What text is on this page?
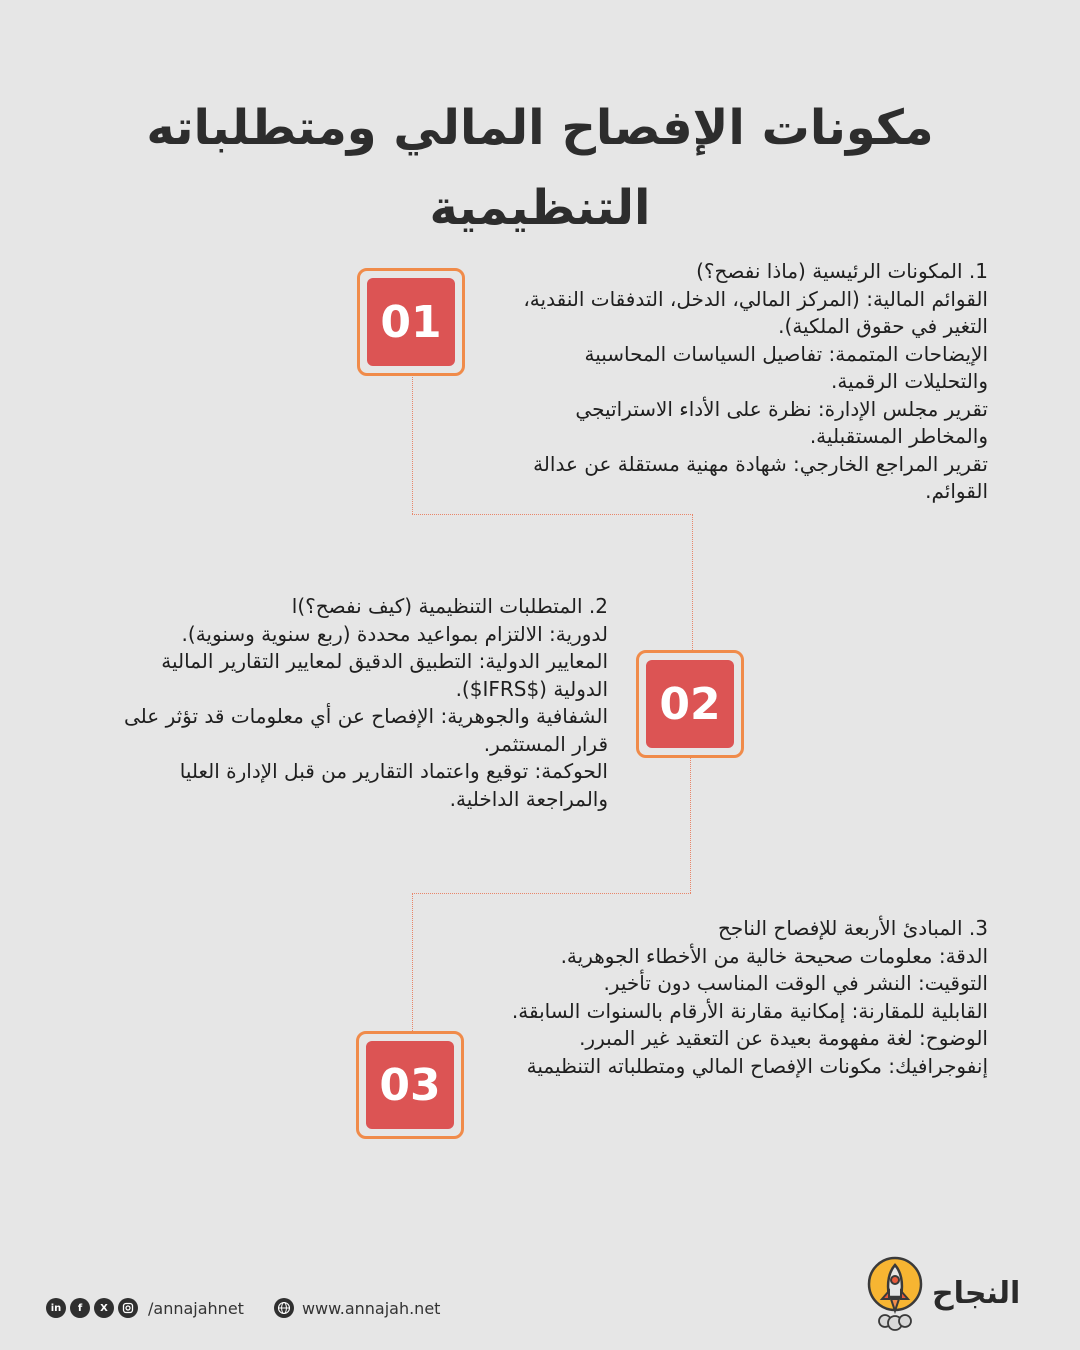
مكونات الإفصاح المالي ومتطلباته التنظيمية
01

1. المكونات الرئيسية (ماذا نفصح؟)

القوائم المالية: (المركز المالي، الدخل، التدفقات النقدية،

التغير في حقوق الملكية).

الإيضاحات المتممة: تفاصيل السياسات المحاسبية

والتحليلات الرقمية.

تقرير مجلس الإدارة: نظرة على الأداء الاستراتيجي

والمخاطر المستقبلية.

تقرير المراجع الخارجي: شهادة مهنية مستقلة عن عدالة

القوائم.

02

2. المتطلبات التنظيمية (كيف نفصح؟)ا

لدورية: الالتزام بمواعيد محددة (ربع سنوية وسنوية).

المعايير الدولية: التطبيق الدقيق لمعايير التقارير المالية

الدولية ($IFRS$).

الشفافية والجوهرية: الإفصاح عن أي معلومات قد تؤثر على

قرار المستثمر.

الحوكمة: توقيع واعتماد التقارير من قبل الإدارة العليا

والمراجعة الداخلية.

03

3. المبادئ الأربعة للإفصاح الناجح

الدقة: معلومات صحيحة خالية من الأخطاء الجوهرية.

التوقيت: النشر في الوقت المناسب دون تأخير.

القابلية للمقارنة: إمكانية مقارنة الأرقام بالسنوات السابقة.

الوضوح: لغة مفهومة بعيدة عن التعقيد غير المبرر.

إنفوجرافيك: مكونات الإفصاح المالي ومتطلباته التنظيمية

in	f	X	/annajahnet	www.annajah.net	النجاح
